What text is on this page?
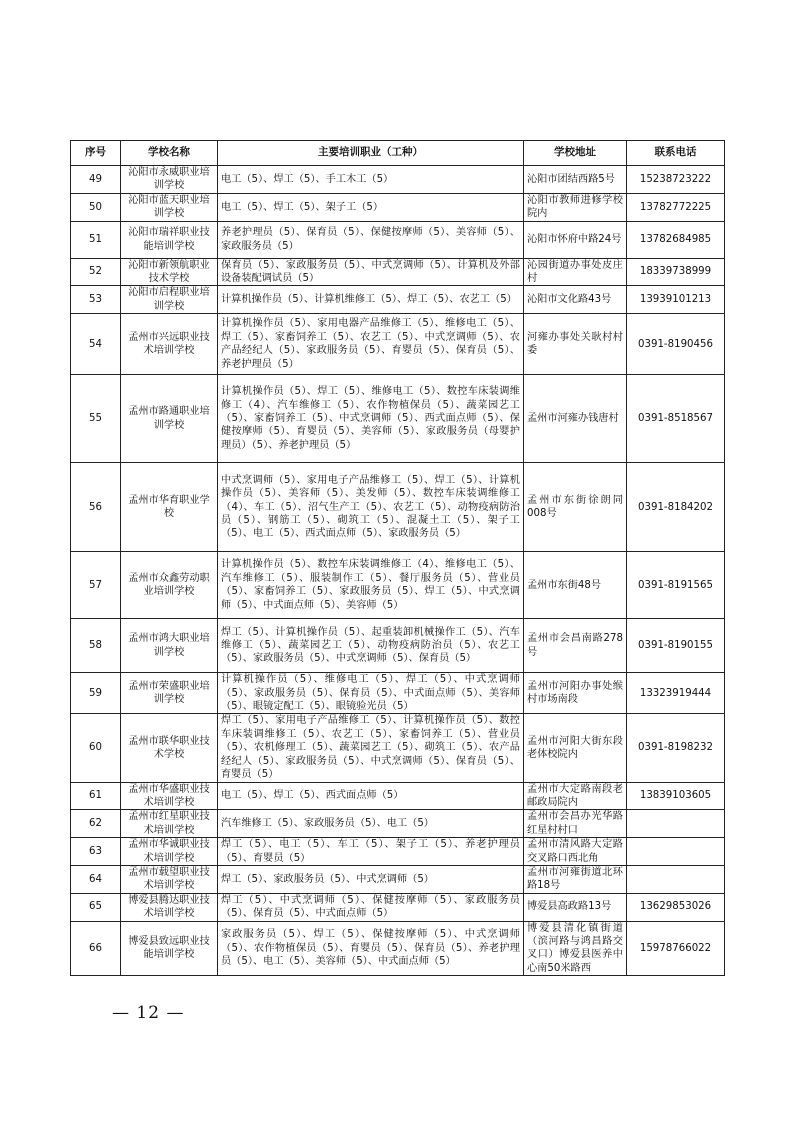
序号	学校名称	主要培训职业（工种）	学校地址	联系电话
49	沁阳市永威职业培训学校	电工（5）、焊工（5）、手工木工（5）	沁阳市团结西路5号	15238723222
50	沁阳市蓝天职业培训学校	电工（5）、焊工（5）、架子工（5）	沁阳市教师进修学校院内	13782772225
51	沁阳市瑞祥职业技能培训学校	养老护理员（5）、保育员（5）、保健按摩师（5）、美容师（5）、家政服务员（5）	沁阳市怀府中路24号	13782684985
52	沁阳市新领航职业技术学校	保育员（5）、家政服务员（5）、中式烹调师（5）、计算机及外部设备装配调试员（5）	沁园街道办事处皮庄村	18339738999
53	沁阳市启程职业培训学校	计算机操作员（5）、计算机维修工（5）、焊工（5）、农艺工（5）	沁阳市文化路43号	13939101213
54	孟州市兴远职业技术培训学校	计算机操作员（5）、家用电器产品维修工（5）、维修电工（5）、焊工（5）、家畜饲养工（5）、农艺工（5）、中式烹调师（5）、农产品经纪人（5）、家政服务员（5）、育婴员（5）、保育员（5）、养老护理员（5）	河雍办事处关耿村村委	0391-8190456
55	孟州市路通职业培训学校	计算机操作员（5）、焊工（5）、维修电工（5）、数控车床装调维修工（4）、汽车维修工（5）、农作物植保员（5）、蔬菜园艺工（5）、家畜饲养工（5）、中式烹调师（5）、西式面点师（5）、保健按摩师（5）、育婴员（5）、美容师（5）、家政服务员（母婴护理员）（5）、养老护理员（5）	孟州市河雍办钱唐村	0391-8518567
56	孟州市华育职业学校	中式烹调师（5）、家用电子产品维修工（5）、焊工（5）、计算机操作员（5）、美容师（5）、美发师（5）、数控车床装调维修工（4）、车工（5）、沼气生产工（5）、农艺工（5）、动物疫病防治员（5）、钢筋工（5）、砌筑工（5）、混凝土工（5）、架子工（5）、电工（5）、西式面点师（5）、家政服务员（5）	孟州市东街徐朗同008号	0391-8184202
57	孟州市众鑫劳动职业培训学校	计算机操作员（5）、数控车床装调维修工（4）、维修电工（5）、汽车维修工（5）、服装制作工（5）、餐厅服务员（5）、营业员（5）、家畜饲养工（5）、家政服务员（5）、焊工（5）、中式烹调师（5）、中式面点师（5）、美容师（5）	孟州市东街48号	0391-8191565
58	孟州市鸿大职业培训学校	焊工（5）、计算机操作员（5）、起重装卸机械操作工（5）、汽车维修工（5）、蔬菜园艺工（5）、动物疫病防治员（5）、农艺工（5）、家政服务员（5）、中式烹调师（5）、保育员（5）	孟州市会昌南路278号	0391-8190155
59	孟州市荣盛职业培训学校	计算机操作员（5）、维修电工（5）、焊工（5）、中式烹调师（5）、家政服务员（5）、保育员（5）、中式面点师（5）、美容师（5）、眼镜定配工（5）、眼镜验光员（5）	孟州市河阳办事处缑村市场南段	13323919444
60	孟州市联华职业技术学校	焊工（5）、家用电子产品维修工（5）、计算机操作员（5）、数控车床装调维修工（5）、农艺工（5）、家畜饲养工（5）、营业员（5）、农机修理工（5）、蔬菜园艺工（5）、砌筑工（5）、农产品经纪人（5）、家政服务员（5）、中式烹调师（5）、保育员（5）、育婴员（5）	孟州市河阳大街东段老体校院内	0391-8198232
61	孟州市华盛职业技术培训学校	电工（5）、焊工（5）、西式面点师（5）	孟州市大定路南段老邮政局院内	13839103605
62	孟州市红星职业技术培训学校	汽车维修工（5）、家政服务员（5）、电工（5）	孟州市会昌办光华路红星村村口	
63	孟州市华诚职业技术培训学校	焊工（5）、电工（5）、车工（5）、架子工（5）、养老护理员（5）、育婴员（5）	孟州市清风路大定路交叉路口西北角	
64	孟州市载望职业技术培训学校	焊工（5）、家政服务员（5）、中式烹调师（5）	孟州市河雍街道北环路18号	
65	博爱县腾达职业技术培训学校	焊工（5）、中式烹调师（5）、保健按摩师（5）、家政服务员（5）、保育员（5）、中式面点师（5）	博爱县高政路13号	13629853026
66	博爱县致远职业技能培训学校	家政服务员（5）、焊工（5）、保健按摩师（5）、中式烹调师（5）、农作物植保员（5）、育婴员（5）、保育员（5）、养老护理员（5）、电工（5）、美容师（5）、中式面点师（5）	博爱县清化镇街道（滨河路与鸿昌路交叉口）博爱县医养中心南50米路西	15978766022
— 12 —
